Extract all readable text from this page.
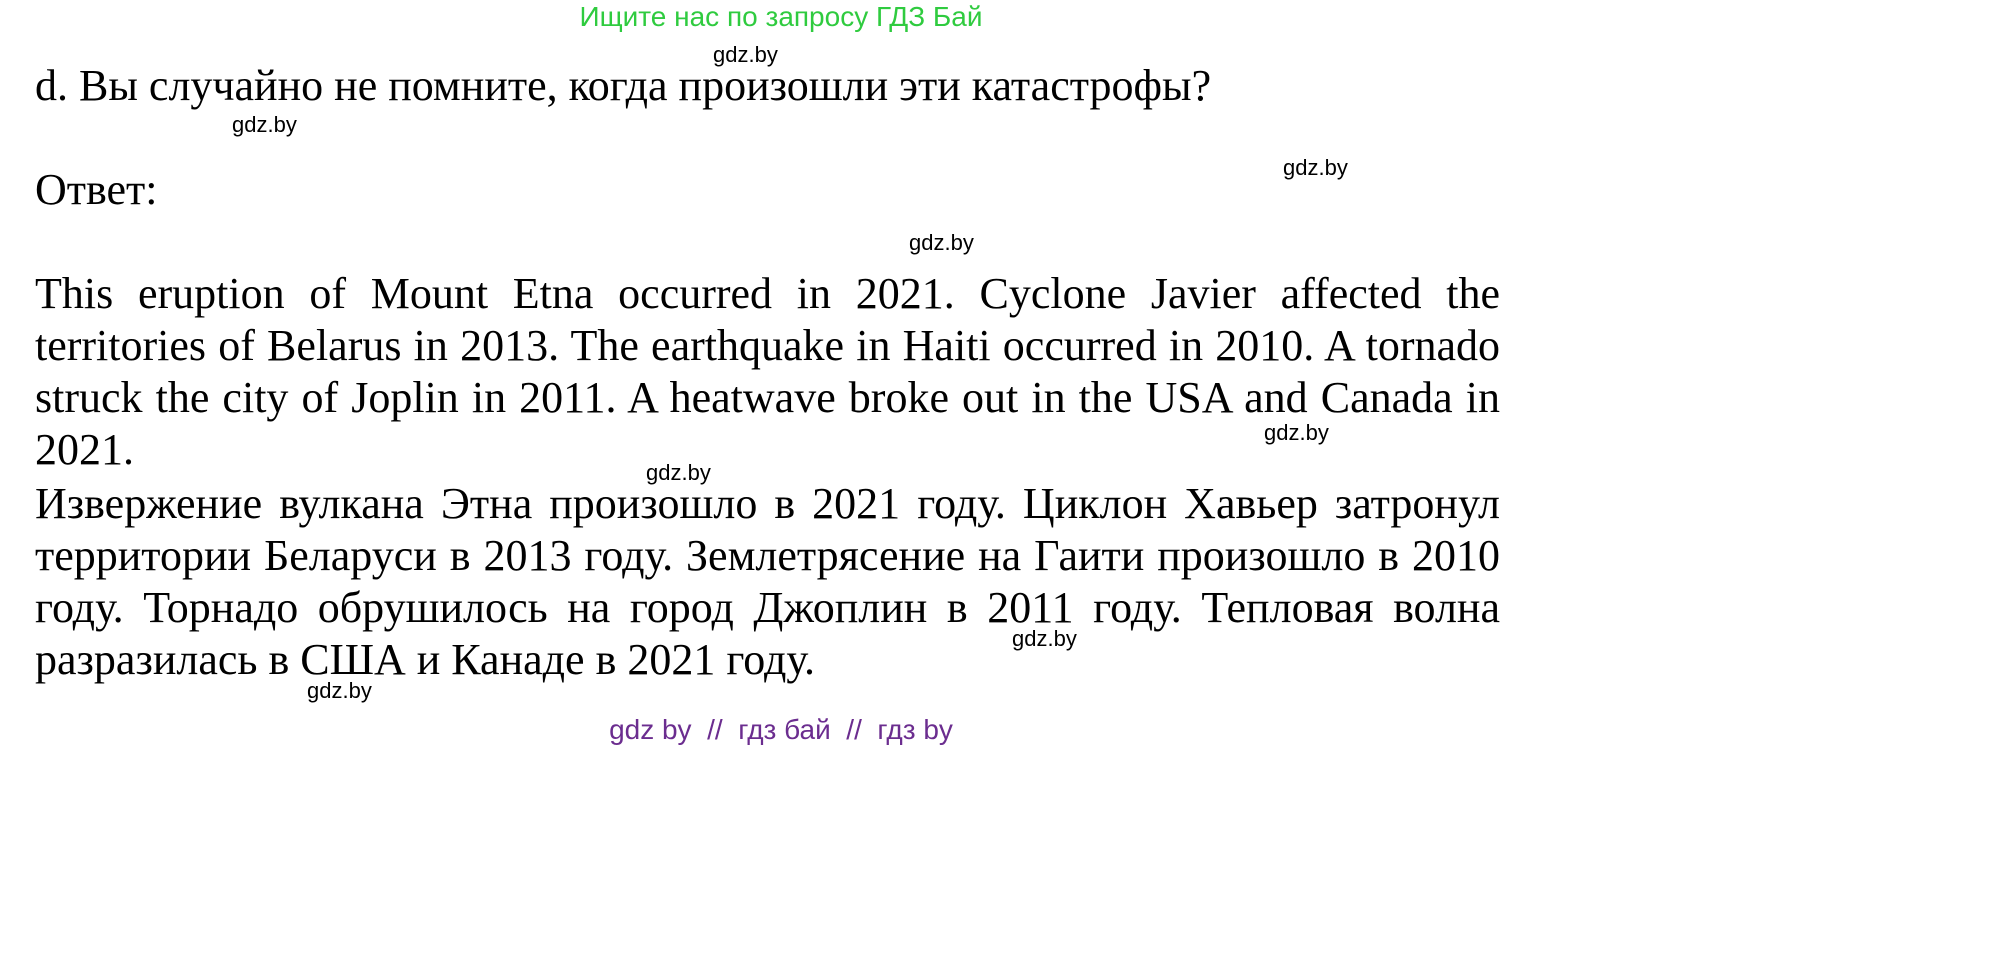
Ищите нас по запросу ГДЗ Бай

d. Вы случайно не помните, когда произошли эти катастрофы?

Ответ:

This eruption of Mount Etna occurred in 2021. Cyclone Javier affected the territories of Belarus in 2013. The earthquake in Haiti occurred in 2010. A tornado struck the city of Joplin in 2011. A heatwave broke out in the USA and Canada in 2021.

Извержение вулкана Этна произошло в 2021 году. Циклон Хавьер затронул территории Беларуси в 2013 году. Землетрясение на Гаити произошло в 2010 году. Торнадо обрушилось на город Джоплин в 2011 году. Тепловая волна разразилась в США и Канаде в 2021 году.

gdz.by
gdz.by
gdz.by
gdz.by
gdz.by
gdz.by
gdz.by
gdz.by
gdz by  //  гдз бай  //  гдз by
